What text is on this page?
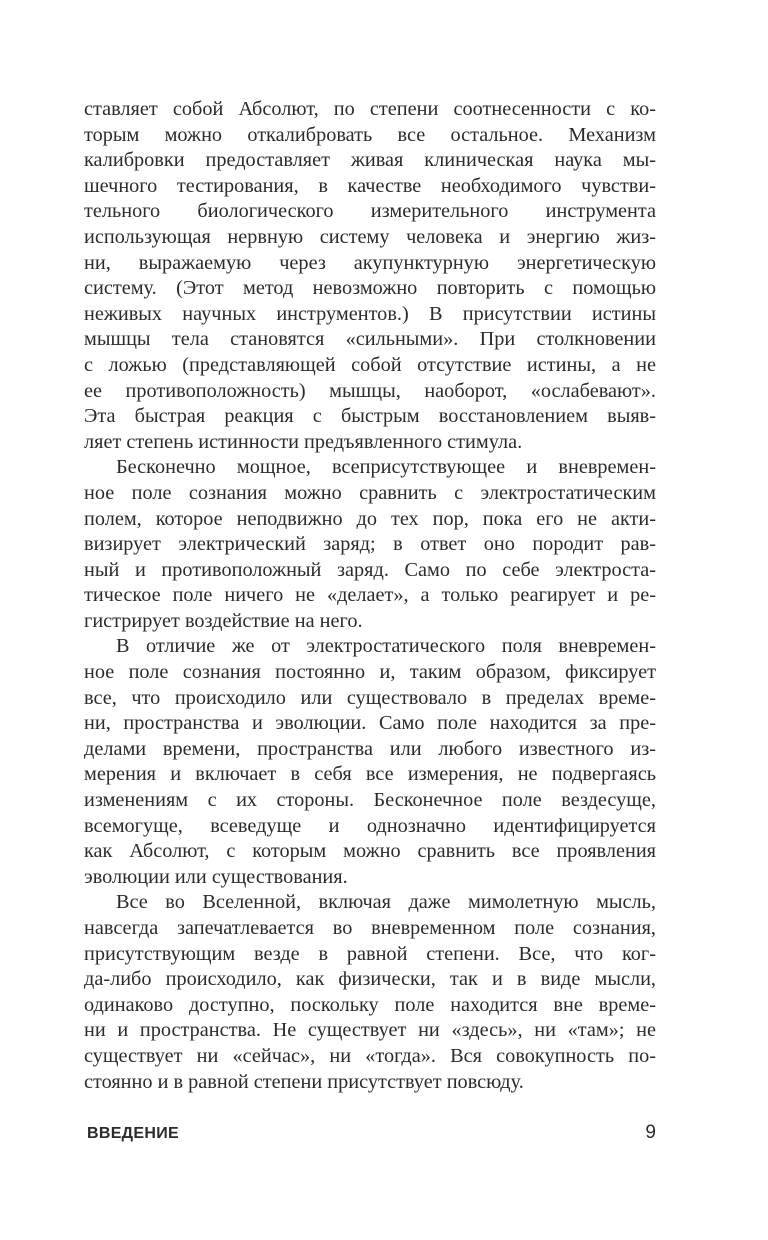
ставляет собой Абсолют, по степени соотнесенности с ко-
торым можно откалибровать все остальное. Механизм
калибровки предоставляет живая клиническая наука мы-
шечного тестирования, в качестве необходимого чувстви-
тельного биологического измерительного инструмента
использующая нервную систему человека и энергию жиз-
ни, выражаемую через акупунктурную энергетическую
систему. (Этот метод невозможно повторить с помощью
неживых научных инструментов.) В присутствии истины
мышцы тела становятся «сильными». При столкновении
с ложью (представляющей собой отсутствие истины, а не
ее противоположность) мышцы, наоборот, «ослабевают».
Эта быстрая реакция с быстрым восстановлением выяв-
ляет степень истинности предъявленного стимула.
Бесконечно мощное, всеприсутствующее и вневремен-
ное поле сознания можно сравнить с электростатическим
полем, которое неподвижно до тех пор, пока его не акти-
визирует электрический заряд; в ответ оно породит рав-
ный и противоположный заряд. Само по себе электроста-
тическое поле ничего не «делает», а только реагирует и ре-
гистрирует воздействие на него.
В отличие же от электростатического поля вневремен-
ное поле сознания постоянно и, таким образом, фиксирует
все, что происходило или существовало в пределах време-
ни, пространства и эволюции. Само поле находится за пре-
делами времени, пространства или любого известного из-
мерения и включает в себя все измерения, не подвергаясь
изменениям с их стороны. Бесконечное поле вездесуще,
всемогуще, всеведуще и однозначно идентифицируется
как Абсолют, с которым можно сравнить все проявления
эволюции или существования.
Все во Вселенной, включая даже мимолетную мысль,
навсегда запечатлевается во вневременном поле сознания,
присутствующим везде в равной степени. Все, что ког-
да-либо происходило, как физически, так и в виде мысли,
одинаково доступно, поскольку поле находится вне време-
ни и пространства. Не существует ни «здесь», ни «там»; не
существует ни «сейчас», ни «тогда». Вся совокупность по-
стоянно и в равной степени присутствует повсюду.
ВВЕДЕНИЕ	9
